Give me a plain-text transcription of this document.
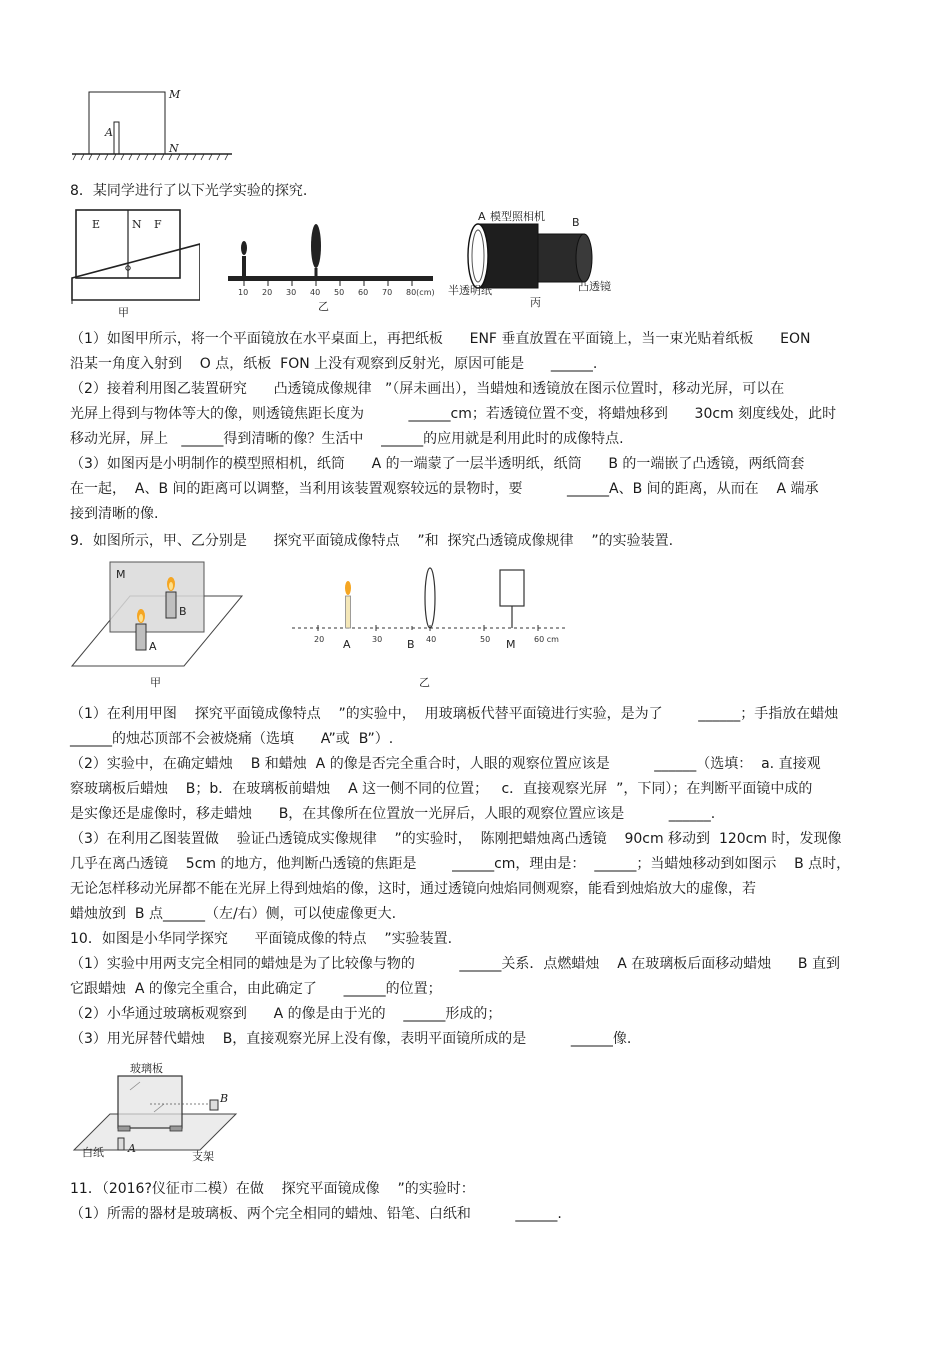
M
A
N
8．某同学进行了以下光学实验的探究.
E	N F
甲
10 20 30 40 50 60 70 80(cm)
乙
A 模型照相机 B
半透明纸	凸透镜
丙
（1）如图甲所示，将一个平面镜放在水平桌面上，再把纸板      ENF 垂直放置在平面镜上，当一束光贴着纸板      EON
沿某一角度入射到    O 点，纸板  FON 上没有观察到反射光，原因可能是      ______.
（2）接着利用图乙装置研究      凸透镜成像规律   ”（屏未画出），当蜡烛和透镜放在图示位置时，移动光屏，可以在
光屏上得到与物体等大的像，则透镜焦距长度为          ______cm；若透镜位置不变，将蜡烛移到      30cm 刻度线处，此时
移动光屏，屏上   ______得到清晰的像？生活中    ______的应用就是利用此时的成像特点.
（3）如图丙是小明制作的模型照相机，纸筒      A 的一端蒙了一层半透明纸，纸筒      B 的一端嵌了凸透镜，两纸筒套
在一起，  A、B 间的距离可以调整，当利用该装置观察较远的景物时，要          ______A、B 间的距离，从而在    A 端承
接到清晰的像.
9．如图所示，甲、乙分别是      探究平面镜成像特点    ”和  探究凸透镜成像规律    ”的实验装置.
M
B
A
甲
20	30	40	50	60 cm
A	B	M
乙
（1）在利用甲图    探究平面镜成像特点    ”的实验中，  用玻璃板代替平面镜进行实验，是为了        ______；手指放在蜡烛
______的烛芯顶部不会被烧痛（选填      A”或  B”）.
（2）实验中，在确定蜡烛    B 和蜡烛  A 的像是否完全重合时，人眼的观察位置应该是          ______（选填：  a. 直接观
察玻璃板后蜡烛    B；b．在玻璃板前蜡烛    A 这一侧不同的位置；   c．直接观察光屏  ”，下同）；在判断平面镜中成的
是实像还是虚像时，移走蜡烛      B，在其像所在位置放一光屏后，人眼的观察位置应该是          ______.
（3）在利用乙图装置做    验证凸透镜成实像规律    ”的实验时，  陈刚把蜡烛离凸透镜    90cm 移动到  120cm 时，发现像
几乎在离凸透镜    5cm 的地方，他判断凸透镜的焦距是        ______cm，理由是：  ______；当蜡烛移动到如图示    B 点时，
无论怎样移动光屏都不能在光屏上得到烛焰的像，这时，通过透镜向烛焰同侧观察，能看到烛焰放大的虚像，若
蜡烛放到  B 点______（左/右）侧，可以使虚像更大.
10．如图是小华同学探究      平面镜成像的特点    ”实验装置.
（1）实验中用两支完全相同的蜡烛是为了比较像与物的          ______关系．点燃蜡烛    A 在玻璃板后面移动蜡烛      B 直到
它跟蜡烛  A 的像完全重合，由此确定了      ______的位置；
（2）小华通过玻璃板观察到      A 的像是由于光的    ______形成的；
（3）用光屏替代蜡烛    B，直接观察光屏上没有像，表明平面镜所成的是          ______像.
玻璃板
B
白纸 A
支架
11．（2016?仪征市二模）在做    探究平面镜成像    ”的实验时：
（1）所需的器材是玻璃板、两个完全相同的蜡烛、铅笔、白纸和          ______.
